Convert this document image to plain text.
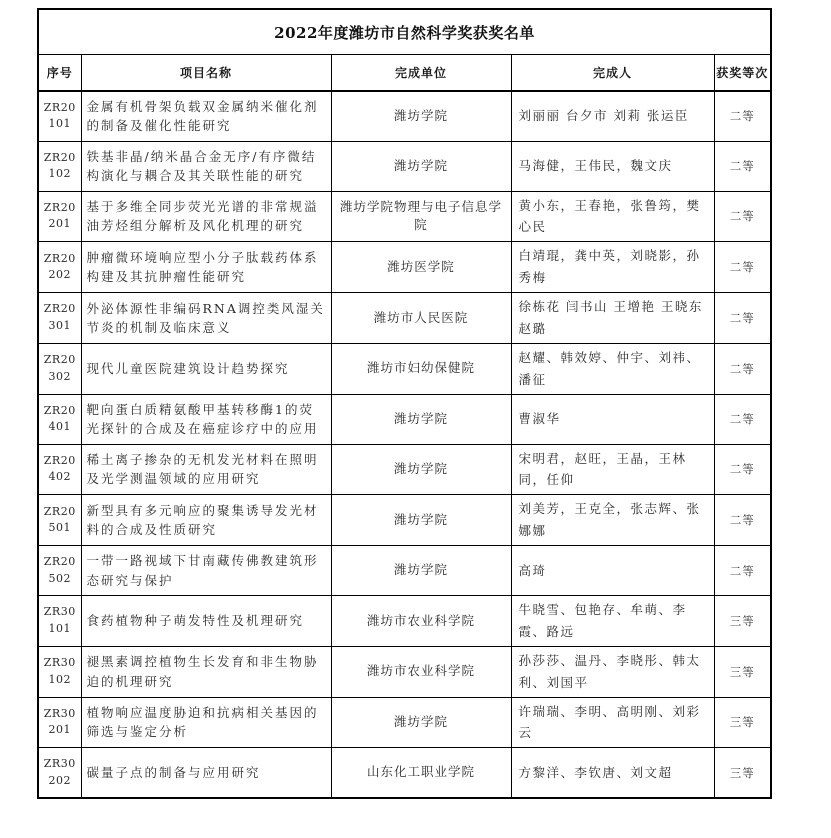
2022年度潍坊市自然科学奖获奖名单				
序号	项目名称	完成单位	完成人	获奖等次
ZR20101	金属有机骨架负载双金属纳米催化剂的制备及催化性能研究	潍坊学院	刘丽丽 台夕市 刘莉 张运臣	二等
ZR20102	铁基非晶/纳米晶合金无序/有序微结构演化与耦合及其关联性能的研究	潍坊学院	马海健，王伟民，魏文庆	二等
ZR20201	基于多维全同步荧光光谱的非常规溢油芳烃组分解析及风化机理的研究	潍坊学院物理与电子信息学院	黄小东，王春艳，张鲁筠，樊心民	二等
ZR20202	肿瘤微环境响应型小分子肽载药体系构建及其抗肿瘤性能研究	潍坊医学院	白靖琨，龚中英，刘晓影，孙秀梅	二等
ZR20301	外泌体源性非编码RNA调控类风湿关节炎的机制及临床意义	潍坊市人民医院	徐栋花 闫书山 王增艳 王晓东 赵璐	二等
ZR20302	现代儿童医院建筑设计趋势探究	潍坊市妇幼保健院	赵耀、韩效婷、仲宇、刘祎、潘征	二等
ZR20401	靶向蛋白质精氨酸甲基转移酶1的荧光探针的合成及在癌症诊疗中的应用	潍坊学院	曹淑华	二等
ZR20402	稀土离子掺杂的无机发光材料在照明及光学测温领域的应用研究	潍坊学院	宋明君，赵旺，王晶，王林同，任仰	二等
ZR20501	新型具有多元响应的聚集诱导发光材料的合成及性质研究	潍坊学院	刘美芳，王克全，张志辉、张娜娜	二等
ZR20502	一带一路视域下甘南藏传佛教建筑形态研究与保护	潍坊学院	高琦	二等
ZR30101	食药植物种子萌发特性及机理研究	潍坊市农业科学院	牛晓雪、包艳存、牟萌、李霞、路远	三等
ZR30102	褪黑素调控植物生长发育和非生物胁迫的机理研究	潍坊市农业科学院	孙莎莎、温丹、李晓彤、韩太利、刘国平	三等
ZR30201	植物响应温度胁迫和抗病相关基因的筛选与鉴定分析	潍坊学院	许瑞瑞、李明、高明刚、刘彩云	三等
ZR30202	碳量子点的制备与应用研究	山东化工职业学院	方黎洋、李钦唐、刘文超	三等
